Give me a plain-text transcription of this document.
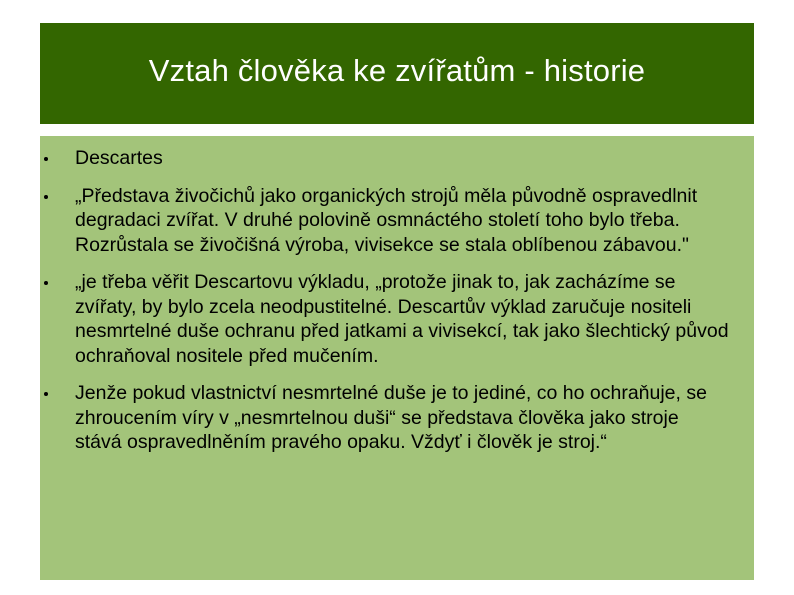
Vztah člověka ke zvířatům - historie
Descartes
„Představa živočichů jako organických strojů měla původně ospravedlnit degradaci zvířat. V druhé polovině osmnáctého století toho bylo třeba. Rozrůstala se živočišná výroba, vivisekce se stala oblíbenou zábavou."
„je třeba věřit Descartovu výkladu, „protože jinak to, jak zacházíme se zvířaty, by bylo zcela neodpustitelné. Descartův výklad zaručuje nositeli nesmrtelné duše ochranu před jatkami a vivisekcí, tak jako šlechtický původ ochraňoval nositele před mučením.
Jenže pokud vlastnictví nesmrtelné duše je to jediné, co ho ochraňuje, se zhroucením víry v „nesmrtelnou duši“ se představa člověka jako stroje stává ospravedlněním pravého opaku. Vždyť i člověk je stroj.“
